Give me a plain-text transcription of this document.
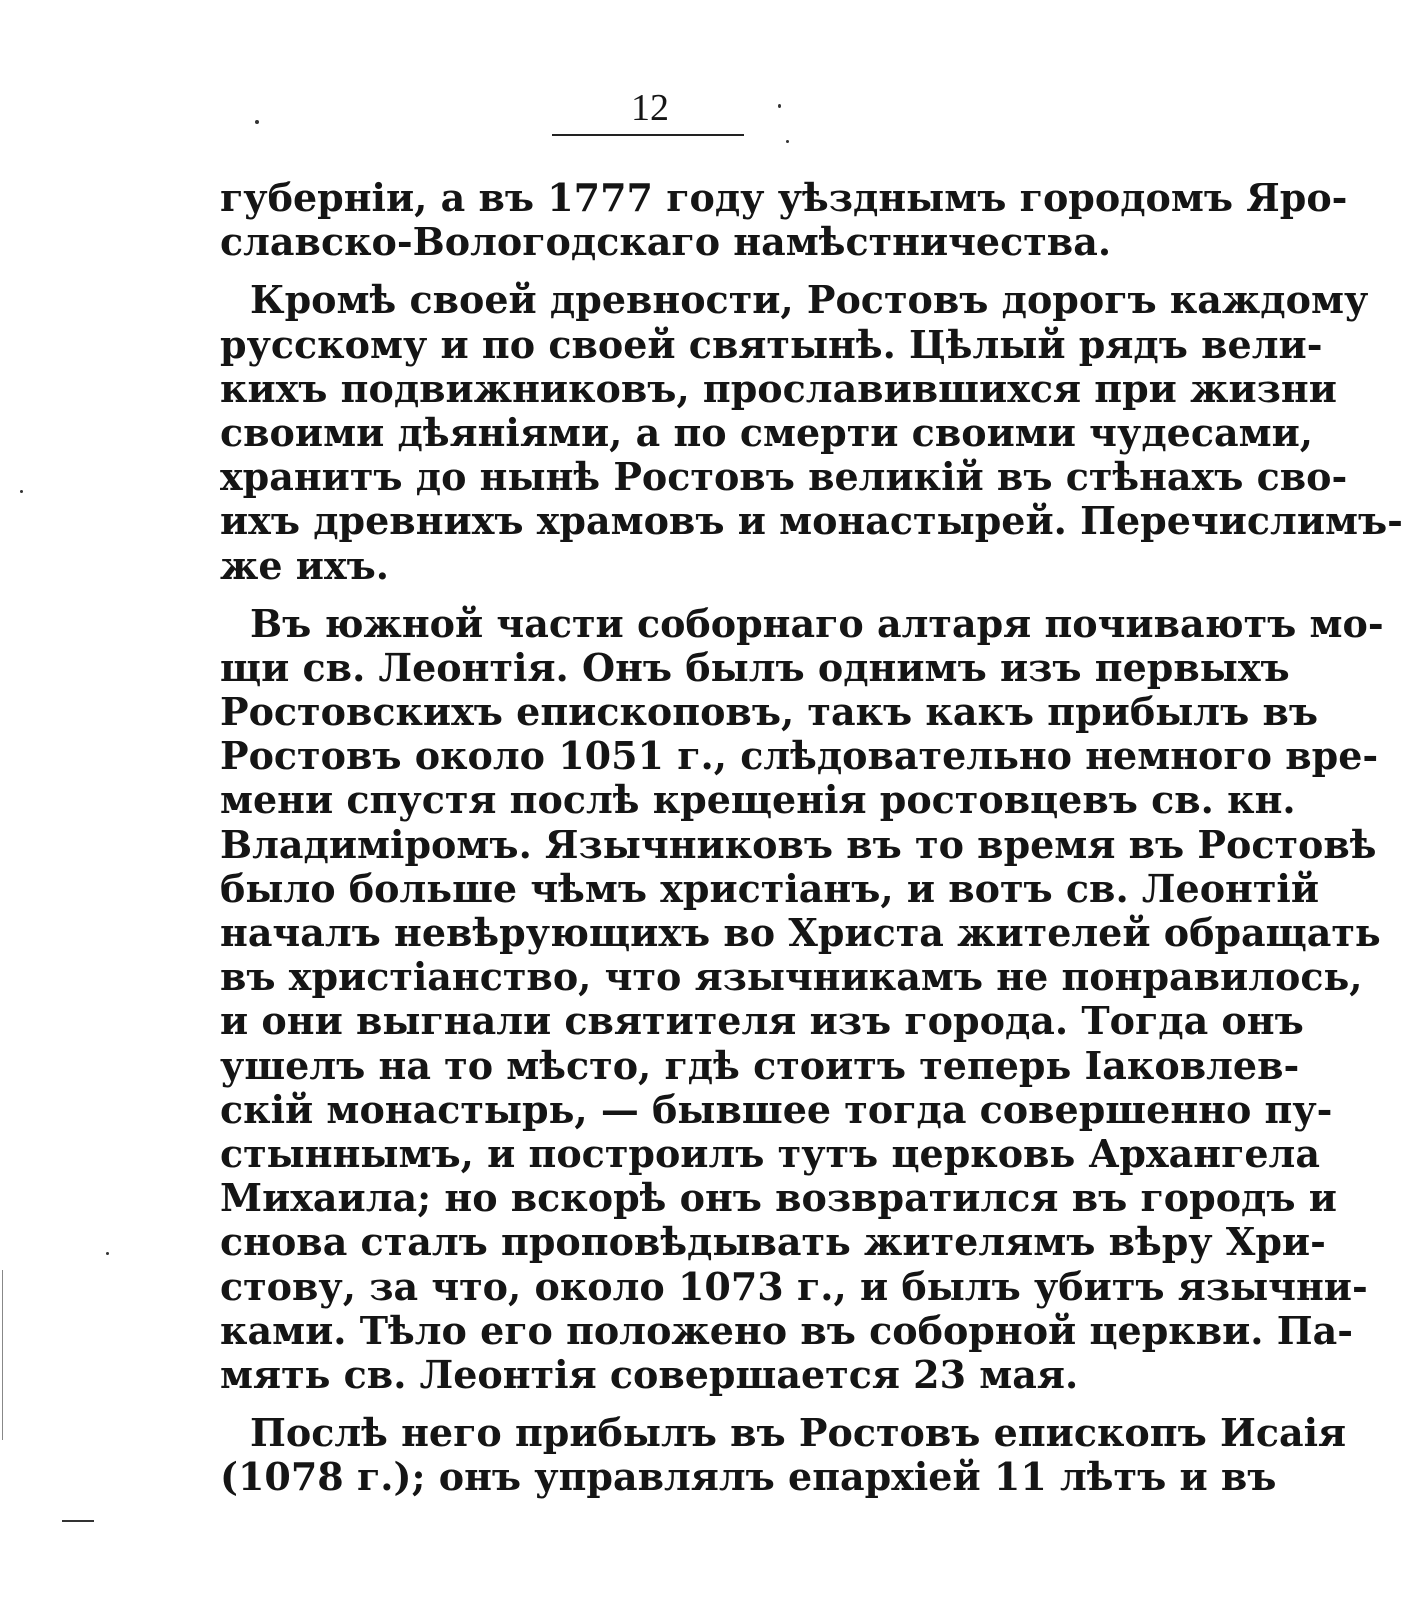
12
губерніи, а въ 1777 году уѣзднымъ городомъ Яро-
славско-Вологодскаго намѣстничества.
Кромѣ своей древности, Ростовъ дорогъ каждому
русскому и по своей святынѣ. Цѣлый рядъ вели-
кихъ подвижниковъ, прославившихся при жизни
своими дѣяніями, а по смерти своими чудесами,
хранитъ до нынѣ Ростовъ великій въ стѣнахъ сво-
ихъ древнихъ храмовъ и монастырей. Перечислимъ-
же ихъ.
Въ южной части соборнаго алтаря почиваютъ мо-
щи св. Леонтія. Онъ былъ однимъ изъ первыхъ
Ростовскихъ епископовъ, такъ какъ прибылъ въ
Ростовъ около 1051 г., слѣдовательно немного вре-
мени спустя послѣ крещенія ростовцевъ св. кн.
Владиміромъ. Язычниковъ въ то время въ Ростовѣ
было больше чѣмъ христіанъ, и вотъ св. Леонтій
началъ невѣрующихъ во Христа жителей обращать
въ христіанство, что язычникамъ не понравилось,
и они выгнали святителя изъ города. Тогда онъ
ушелъ на то мѣсто, гдѣ стоитъ теперь Іаковлев-
скій монастырь, — бывшее тогда совершенно пу-
стыннымъ, и построилъ тутъ церковь Архангела
Михаила; но вскорѣ онъ возвратился въ городъ и
снова сталъ проповѣдывать жителямъ вѣру Хри-
стову, за что, около 1073 г., и былъ убитъ язычни-
ками. Тѣло его положено въ соборной церкви. Па-
мять св. Леонтія совершается 23 мая.
Послѣ него прибылъ въ Ростовъ епископъ Исаія
(1078 г.); онъ управлялъ епархіей 11 лѣтъ и въ
